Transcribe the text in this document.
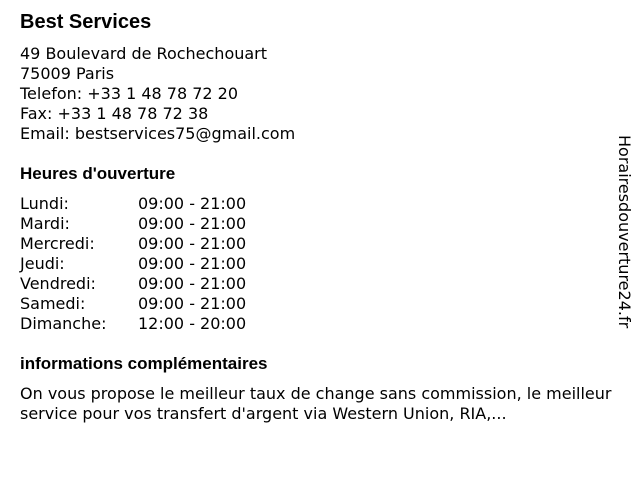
Best Services
49 Boulevard de Rochechouart
75009 Paris
Telefon: +33 1 48 78 72 20
Fax: +33 1 48 78 72 38
Email: bestservices75@gmail.com
Heures d'ouverture
Lundi:	09:00 - 21:00
Mardi:	09:00 - 21:00
Mercredi:	09:00 - 21:00
Jeudi:	09:00 - 21:00
Vendredi:	09:00 - 21:00
Samedi:	09:00 - 21:00
Dimanche:	12:00 - 20:00
informations complémentaires
On vous propose le meilleur taux de change sans commission, le meilleur service pour vos transfert d'argent via Western Union, RIA,...
Horairesdouverture24.fr
